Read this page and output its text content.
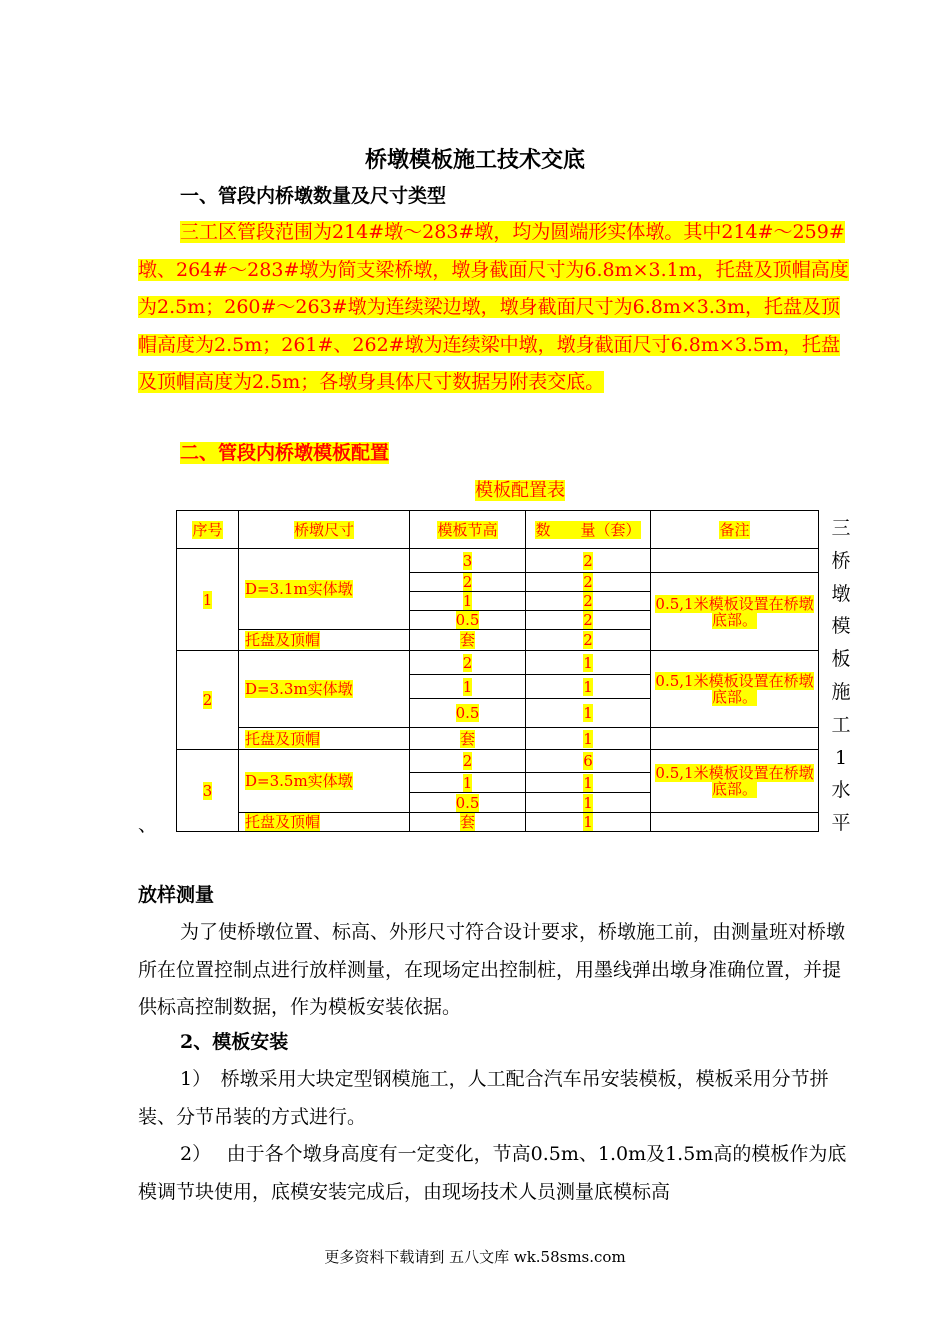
桥墩模板施工技术交底
一、管段内桥墩数量及尺寸类型
三工区管段范围为214#墩～283#墩，均为圆端形实体墩。其中214#～259#墩、264#～283#墩为简支梁桥墩，墩身截面尺寸为6.8m×3.1m，托盘及顶帽高度为2.5m；260#～263#墩为连续梁边墩，墩身截面尺寸为6.8m×3.3m，托盘及顶帽高度为2.5m；261#、262#墩为连续梁中墩，墩身截面尺寸6.8m×3.5m，托盘及顶帽高度为2.5m；各墩身具体尺寸数据另附表交底。
二、管段内桥墩模板配置
模板配置表
序号	桥墩尺寸	模板节高	数　　量（套）	备注
1	D=3.1m实体墩	3	2	
		2	2	0.5,1米模板设置在桥墩底部。
		1	2	
		0.5	2	
	托盘及顶帽	套	2	
2	D=3.3m实体墩	2	1	0.5,1米模板设置在桥墩底部。
		1	1	
		0.5	1	
	托盘及顶帽	套	1	
3	D=3.5m实体墩	2	6	0.5,1米模板设置在桥墩底部。
		1	1	
		0.5	1	
	托盘及顶帽	套	1	
三桥墩模板施工1水平
、
放样测量
为了使桥墩位置、标高、外形尺寸符合设计要求，桥墩施工前，由测量班对桥墩所在位置控制点进行放样测量，在现场定出控制桩，用墨线弹出墩身准确位置，并提供标高控制数据，作为模板安装依据。
2、模板安装
1）　桥墩采用大块定型钢模施工，人工配合汽车吊安装模板，模板采用分节拼装、分节吊装的方式进行。
2）　 由于各个墩身高度有一定变化，节高0.5m、1.0m及1.5m高的模板作为底模调节块使用，底模安装完成后，由现场技术人员测量底模标高
更多资料下载请到 五八文库 wk.58sms.com
